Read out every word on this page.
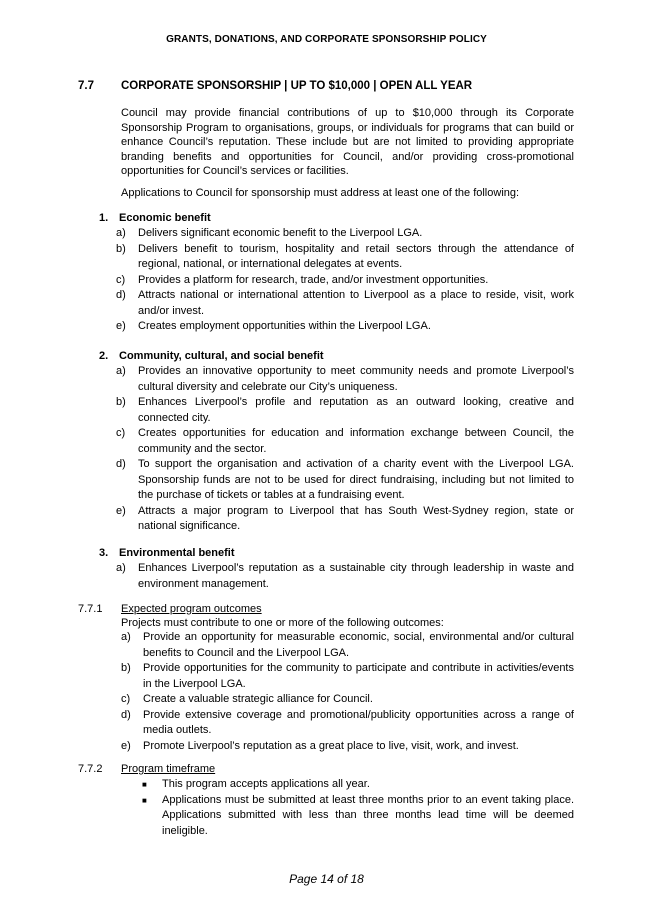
GRANTS, DONATIONS, AND CORPORATE SPONSORSHIP POLICY
7.7 CORPORATE SPONSORSHIP | UP TO $10,000 | OPEN ALL YEAR
Council may provide financial contributions of up to $10,000 through its Corporate Sponsorship Program to organisations, groups, or individuals for programs that can build or enhance Council’s reputation. These include but are not limited to providing appropriate branding benefits and opportunities for Council, and/or providing cross-promotional opportunities for Council’s services or facilities.
Applications to Council for sponsorship must address at least one of the following:
1. Economic benefit
a) Delivers significant economic benefit to the Liverpool LGA.
b) Delivers benefit to tourism, hospitality and retail sectors through the attendance of regional, national, or international delegates at events.
c) Provides a platform for research, trade, and/or investment opportunities.
d) Attracts national or international attention to Liverpool as a place to reside, visit, work and/or invest.
e) Creates employment opportunities within the Liverpool LGA.
2. Community, cultural, and social benefit
a) Provides an innovative opportunity to meet community needs and promote Liverpool’s cultural diversity and celebrate our City’s uniqueness.
b) Enhances Liverpool’s profile and reputation as an outward looking, creative and connected city.
c) Creates opportunities for education and information exchange between Council, the community and the sector.
d) To support the organisation and activation of a charity event with the Liverpool LGA. Sponsorship funds are not to be used for direct fundraising, including but not limited to the purchase of tickets or tables at a fundraising event.
e) Attracts a major program to Liverpool that has South West-Sydney region, state or national significance.
3. Environmental benefit
a) Enhances Liverpool’s reputation as a sustainable city through leadership in waste and environment management.
7.7.1 Expected program outcomes
Projects must contribute to one or more of the following outcomes:
a) Provide an opportunity for measurable economic, social, environmental and/or cultural benefits to Council and the Liverpool LGA.
b) Provide opportunities for the community to participate and contribute in activities/events in the Liverpool LGA.
c) Create a valuable strategic alliance for Council.
d) Provide extensive coverage and promotional/publicity opportunities across a range of media outlets.
e) Promote Liverpool’s reputation as a great place to live, visit, work, and invest.
7.7.2 Program timeframe
■ This program accepts applications all year.
■ Applications must be submitted at least three months prior to an event taking place. Applications submitted with less than three months lead time will be deemed ineligible.
Page 14 of 18
